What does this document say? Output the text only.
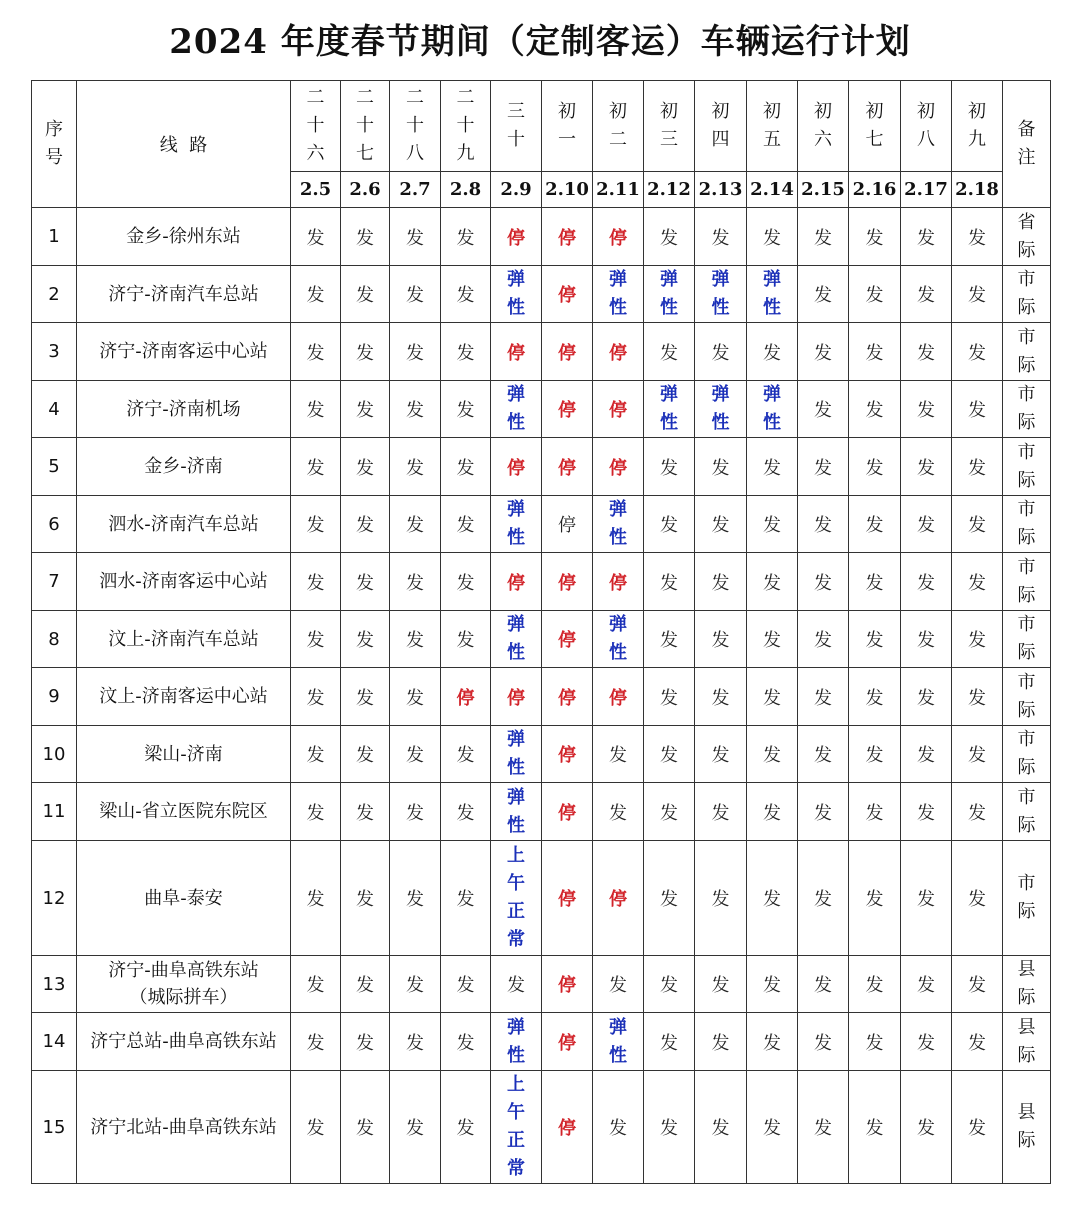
2024 年度春节期间（定制客运）车辆运行计划
序号	线  路	二十六	二十七	二十八	二十九	三十	初一	初二	初三	初四	初五	初六	初七	初八	初九	备注

		2.5	2.6	2.7	2.8	2.9	2.10	2.11	2.12	2.13	2.14	2.15	2.16	2.17	2.18	
1	金乡-徐州东站	发	发	发	发	停	停	停	发	发	发	发	发	发	发	省际

2	济宁-济南汽车总站	发	发	发	发	弹性	停	弹性	弹性	弹性	弹性	发	发	发	发	市际

3	济宁-济南客运中心站	发	发	发	发	停	停	停	发	发	发	发	发	发	发	市际

4	济宁-济南机场	发	发	发	发	弹性	停	停	弹性	弹性	弹性	发	发	发	发	市际

5	金乡-济南	发	发	发	发	停	停	停	发	发	发	发	发	发	发	市际

6	泗水-济南汽车总站	发	发	发	发	弹性	停	弹性	发	发	发	发	发	发	发	市际

7	泗水-济南客运中心站	发	发	发	发	停	停	停	发	发	发	发	发	发	发	市际

8	汶上-济南汽车总站	发	发	发	发	弹性	停	弹性	发	发	发	发	发	发	发	市际

9	汶上-济南客运中心站	发	发	发	停	停	停	停	发	发	发	发	发	发	发	市际

10	梁山-济南	发	发	发	发	弹性	停	发	发	发	发	发	发	发	发	市际

11	梁山-省立医院东院区	发	发	发	发	弹性	停	发	发	发	发	发	发	发	发	市际

12	曲阜-泰安	发	发	发	发	上午正常	停	停	发	发	发	发	发	发	发	市际

13	济宁-曲阜高铁东站
（城际拼车）	发	发	发	发	发	停	发	发	发	发	发	发	发	发	县际

14	济宁总站-曲阜高铁东站	发	发	发	发	弹性	停	弹性	发	发	发	发	发	发	发	县际

15	济宁北站-曲阜高铁东站	发	发	发	发	上午正常	停	发	发	发	发	发	发	发	发	县际
